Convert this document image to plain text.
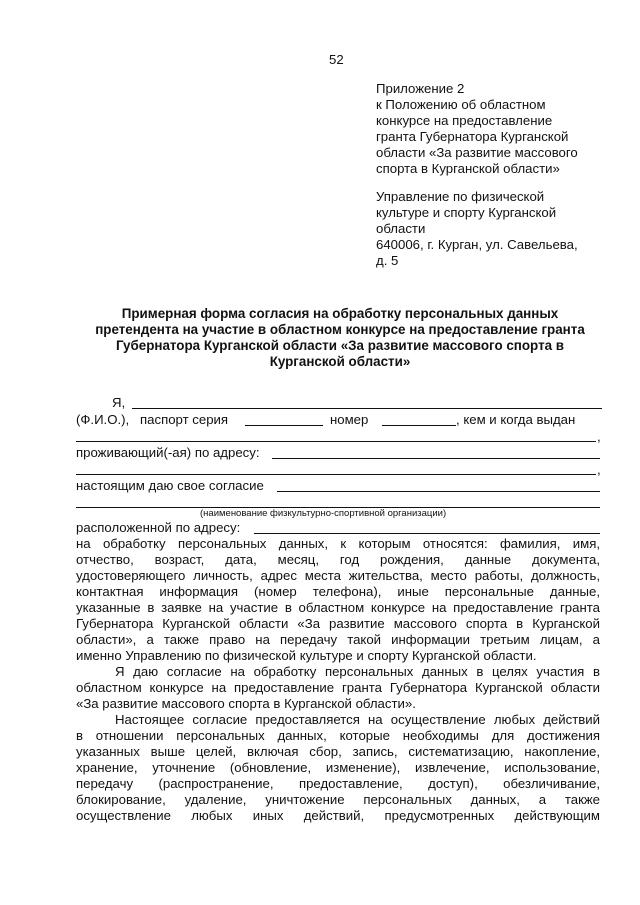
52
Приложение 2
к Положению об областном
конкурсе на предоставление
гранта Губернатора Курганской
области «За развитие массового
спорта в Курганской области»
Управление по физической
культуре и спорту Курганской
области
640006, г. Курган, ул. Савельева,
д. 5
Примерная форма согласия на обработку персональных данных
претендента на участие в областном конкурсе на предоставление гранта
Губернатора Курганской области «За развитие массового спорта в
Курганской области»
Я,
(Ф.И.О.), паспорт серия	номер	, кем и когда выдан
,
проживающий(-ая) по адресу:
,
настоящим даю свое согласие
(наименование физкультурно-спортивной организации)
расположенной по адресу:
на обработку персональных данных, к которым относятся: фамилия, имя,
отчество, возраст, дата, месяц, год рождения, данные документа,
удостоверяющего личность, адрес места жительства, место работы, должность,
контактная информация (номер телефона), иные персональные данные,
указанные в заявке на участие в областном конкурсе на предоставление гранта
Губернатора Курганской области «За развитие массового спорта в Курганской
области», а также право на передачу такой информации третьим лицам, а
именно Управлению по физической культуре и спорту Курганской области.
Я даю согласие на обработку персональных данных в целях участия в
областном конкурсе на предоставление гранта Губернатора Курганской области
«За развитие массового спорта в Курганской области».
Настоящее согласие предоставляется на осуществление любых действий
в отношении персональных данных, которые необходимы для достижения
указанных выше целей, включая сбор, запись, систематизацию, накопление,
хранение, уточнение (обновление, изменение), извлечение, использование,
передачу (распространение, предоставление, доступ), обезличивание,
блокирование, удаление, уничтожение персональных данных, а также
осуществление любых иных действий, предусмотренных действующим
